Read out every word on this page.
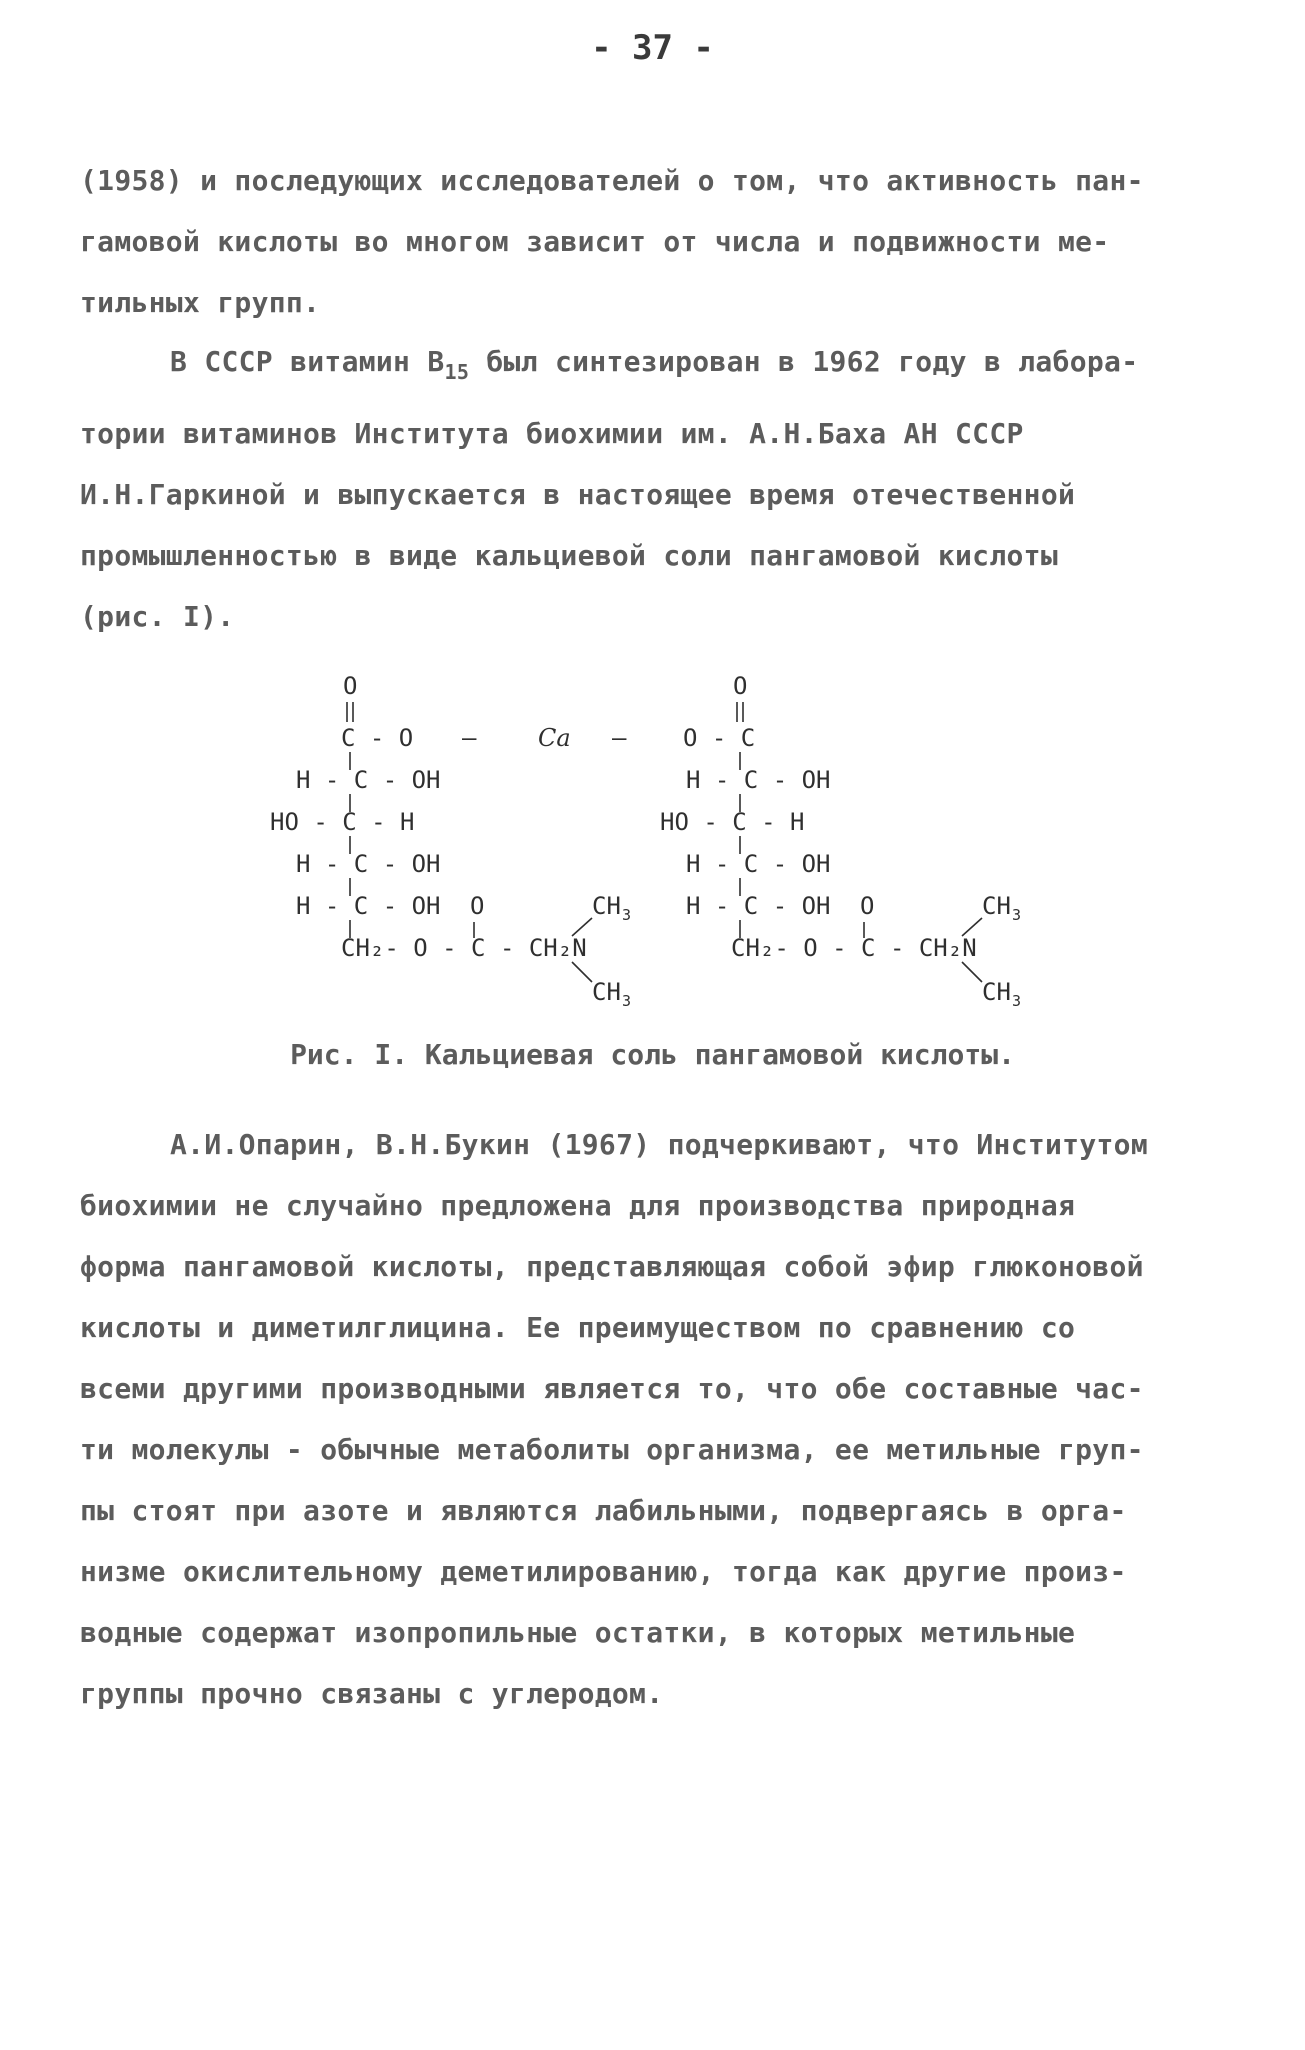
- 37 -
(1958) и последующих исследователей о том, что активность пан-
гамовой кислоты во многом зависит от числа и подвижности ме-
тильных групп.
В СССР витамин $В_{15}$ был синтезирован в 1962 году в лабора-
тории витаминов Института биохимии им. А.Н.Баха АН СССР
И.Н.Гаркиной и выпускается в настоящее время отечественной
промышленностью в виде кальциевой соли пангамовой кислоты
(рис. I).
O
C - O
H - C - OH
HO - C - H
H - C - OH
H - C - OH O
CH₂- O - C - CH₂N
CH 3
CH 3
—	Ca —
O
O - C
H - C - OH
HO - C - H
H - C - OH
H - C - OH O
CH₂- O - C - CH₂N
CH 3
CH 3
Рис. I. Кальциевая соль пангамовой кислоты.
А.И.Опарин, В.Н.Букин (1967) подчеркивают, что Институтом
биохимии не случайно предложена для производства природная
форма пангамовой кислоты, представляющая собой эфир глюконовой
кислоты и диметилглицина. Ее преимуществом по сравнению со
всеми другими производными является то, что обе составные час-
ти молекулы - обычные метаболиты организма, ее метильные груп-
пы стоят при азоте и являются лабильными, подвергаясь в орга-
низме окислительному деметилированию, тогда как другие произ-
водные содержат изопропильные остатки, в которых метильные
группы прочно связаны с углеродом.
